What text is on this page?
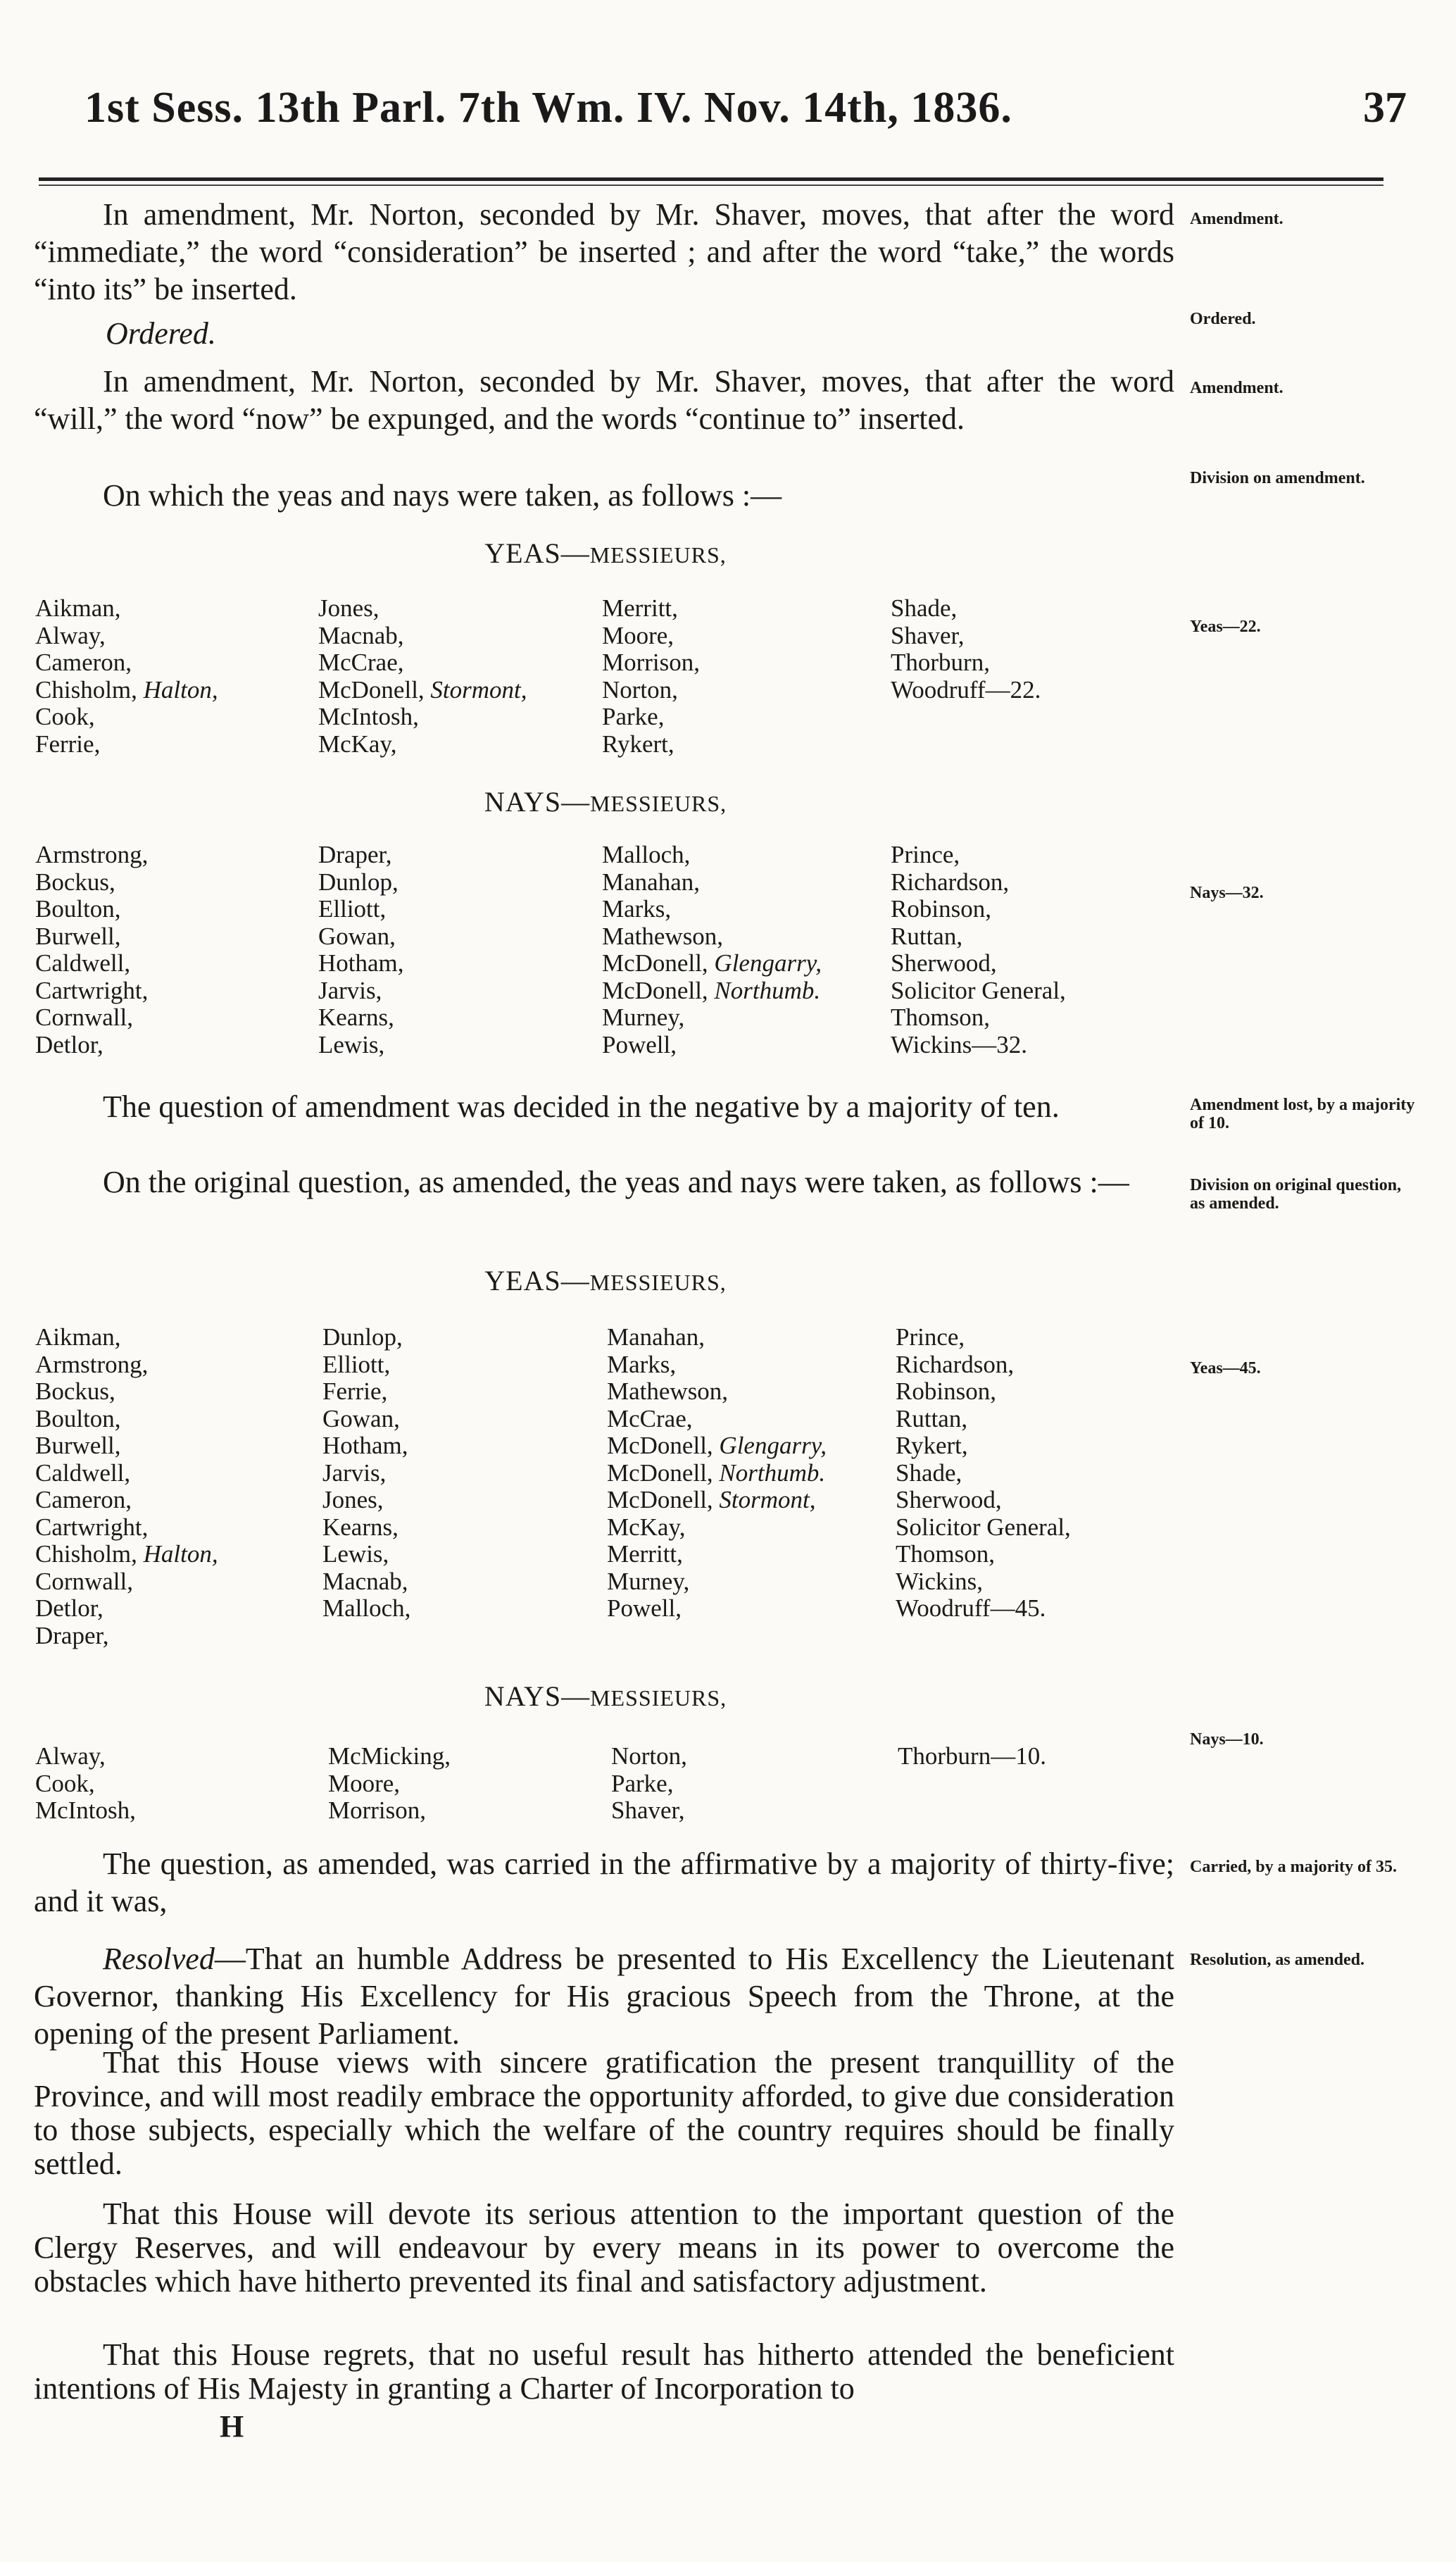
1st Sess. 13th Parl. 7th Wm. IV. Nov. 14th, 1836.	37
In amendment, Mr. Norton, seconded by Mr. Shaver, moves, that after the word “immediate,” the word “consideration” be inserted ; and after the word “take,” the words “into its” be inserted.
Ordered.
In amendment, Mr. Norton, seconded by Mr. Shaver, moves, that after the word “will,” the word “now” be expunged, and the words “continue to” inserted.
On which the yeas and nays were taken, as follows :—
YEAS—MESSIEURS,
Aikman,
Alway,
Cameron,
Chisholm, Halton,
Cook,
Ferrie,
Jones,
Macnab,
McCrae,
McDonell, Stormont,
McIntosh,
McKay,
Merritt,
Moore,
Morrison,
Norton,
Parke,
Rykert,
Shade,
Shaver,
Thorburn,
Woodruff—22.
NAYS—MESSIEURS,
Armstrong,
Bockus,
Boulton,
Burwell,
Caldwell,
Cartwright,
Cornwall,
Detlor,
Draper,
Dunlop,
Elliott,
Gowan,
Hotham,
Jarvis,
Kearns,
Lewis,
Malloch,
Manahan,
Marks,
Mathewson,
McDonell, Glengarry,
McDonell, Northumb.
Murney,
Powell,
Prince,
Richardson,
Robinson,
Ruttan,
Sherwood,
Solicitor General,
Thomson,
Wickins—32.
The question of amendment was decided in the negative by a majority of ten.
On the original question, as amended, the yeas and nays were taken, as follows :—
YEAS—MESSIEURS,
Aikman,
Armstrong,
Bockus,
Boulton,
Burwell,
Caldwell,
Cameron,
Cartwright,
Chisholm, Halton,
Cornwall,
Detlor,
Draper,
Dunlop,
Elliott,
Ferrie,
Gowan,
Hotham,
Jarvis,
Jones,
Kearns,
Lewis,
Macnab,
Malloch,
Manahan,
Marks,
Mathewson,
McCrae,
McDonell, Glengarry,
McDonell, Northumb.
McDonell, Stormont,
McKay,
Merritt,
Murney,
Powell,
Prince,
Richardson,
Robinson,
Ruttan,
Rykert,
Shade,
Sherwood,
Solicitor General,
Thomson,
Wickins,
Woodruff—45.
NAYS—MESSIEURS,
Alway,
Cook,
McIntosh,
McMicking,
Moore,
Morrison,
Norton,
Parke,
Shaver,
Thorburn—10.
The question, as amended, was carried in the affirmative by a majority of thirty-five; and it was,
Resolved—That an humble Address be presented to His Excellency the Lieutenant Governor, thanking His Excellency for His gracious Speech from the Throne, at the opening of the present Parliament.
That this House views with sincere gratification the present tranquillity of the Province, and will most readily embrace the opportunity afforded, to give due consideration to those subjects, especially which the welfare of the country requires should be finally settled.
That this House will devote its serious attention to the important question of the Clergy Reserves, and will endeavour by every means in its power to overcome the obstacles which have hitherto prevented its final and satisfactory adjustment.
That this House regrets, that no useful result has hitherto attended the beneficient intentions of His Majesty in granting a Charter of Incorporation to
H
Amendment.
Ordered.
Amendment.
Division on amendment.
Yeas—22.
Nays—32.
Amendment lost, by a majority of 10.
Division on original question, as amended.
Yeas—45.
Nays—10.
Carried, by a majority of 35.
Resolution, as amended.
